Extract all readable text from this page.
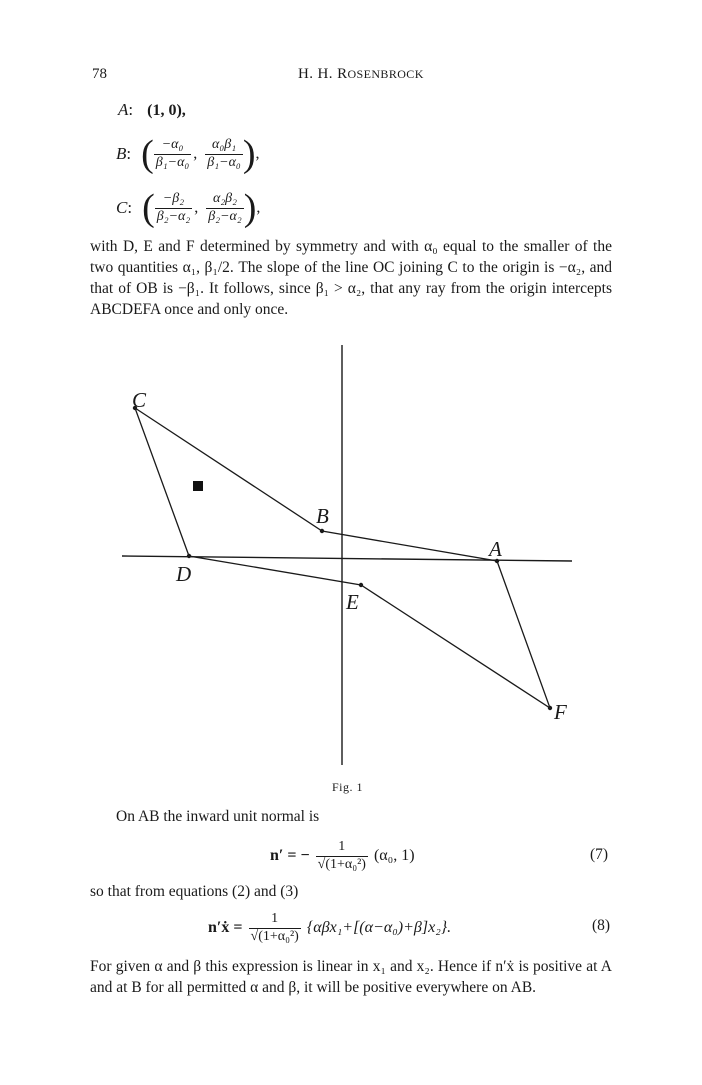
78	H. H. ROSENBROCK
A: (1, 0),
B : ( $\frac{\text{−α₀}}{\text{β₁−α₀}}$ , $\frac{\text{α₀β₁}}{\text{β₁−α₀}}$ ) ,
C : ( $\frac{\text{−β₂}}{\text{β₂−α₂}}$ , $\frac{\text{α₂β₂}}{\text{β₂−α₂}}$ ) ,
with D, E and F determined by symmetry and with α₀ equal to the smaller of the two quantities α₁, β₁/2. The slope of the line OC joining C to the origin is −α₂, and that of OB is −β₁. It follows, since β₁ > α₂, that any ray from the origin intercepts ABCDEFA once and only once.
C
B
A
D
E
F
Fig. 1
On AB the inward unit normal is
n′ = − $\frac{1}{\text{√(1+α₀²)}} (\alpha_0$, 1)	(7)
so that from equations (2) and (3)
n′ẋ = $\frac{1}{\text{√(1+α₀²)}} \{\alpha\beta x_1+[(\alpha-\alpha_0)+\beta]x_2\}$.	(8)
For given α and β this expression is linear in x₁ and x₂. Hence if n′ẋ is positive at A and at B for all permitted α and β, it will be positive everywhere on AB.
